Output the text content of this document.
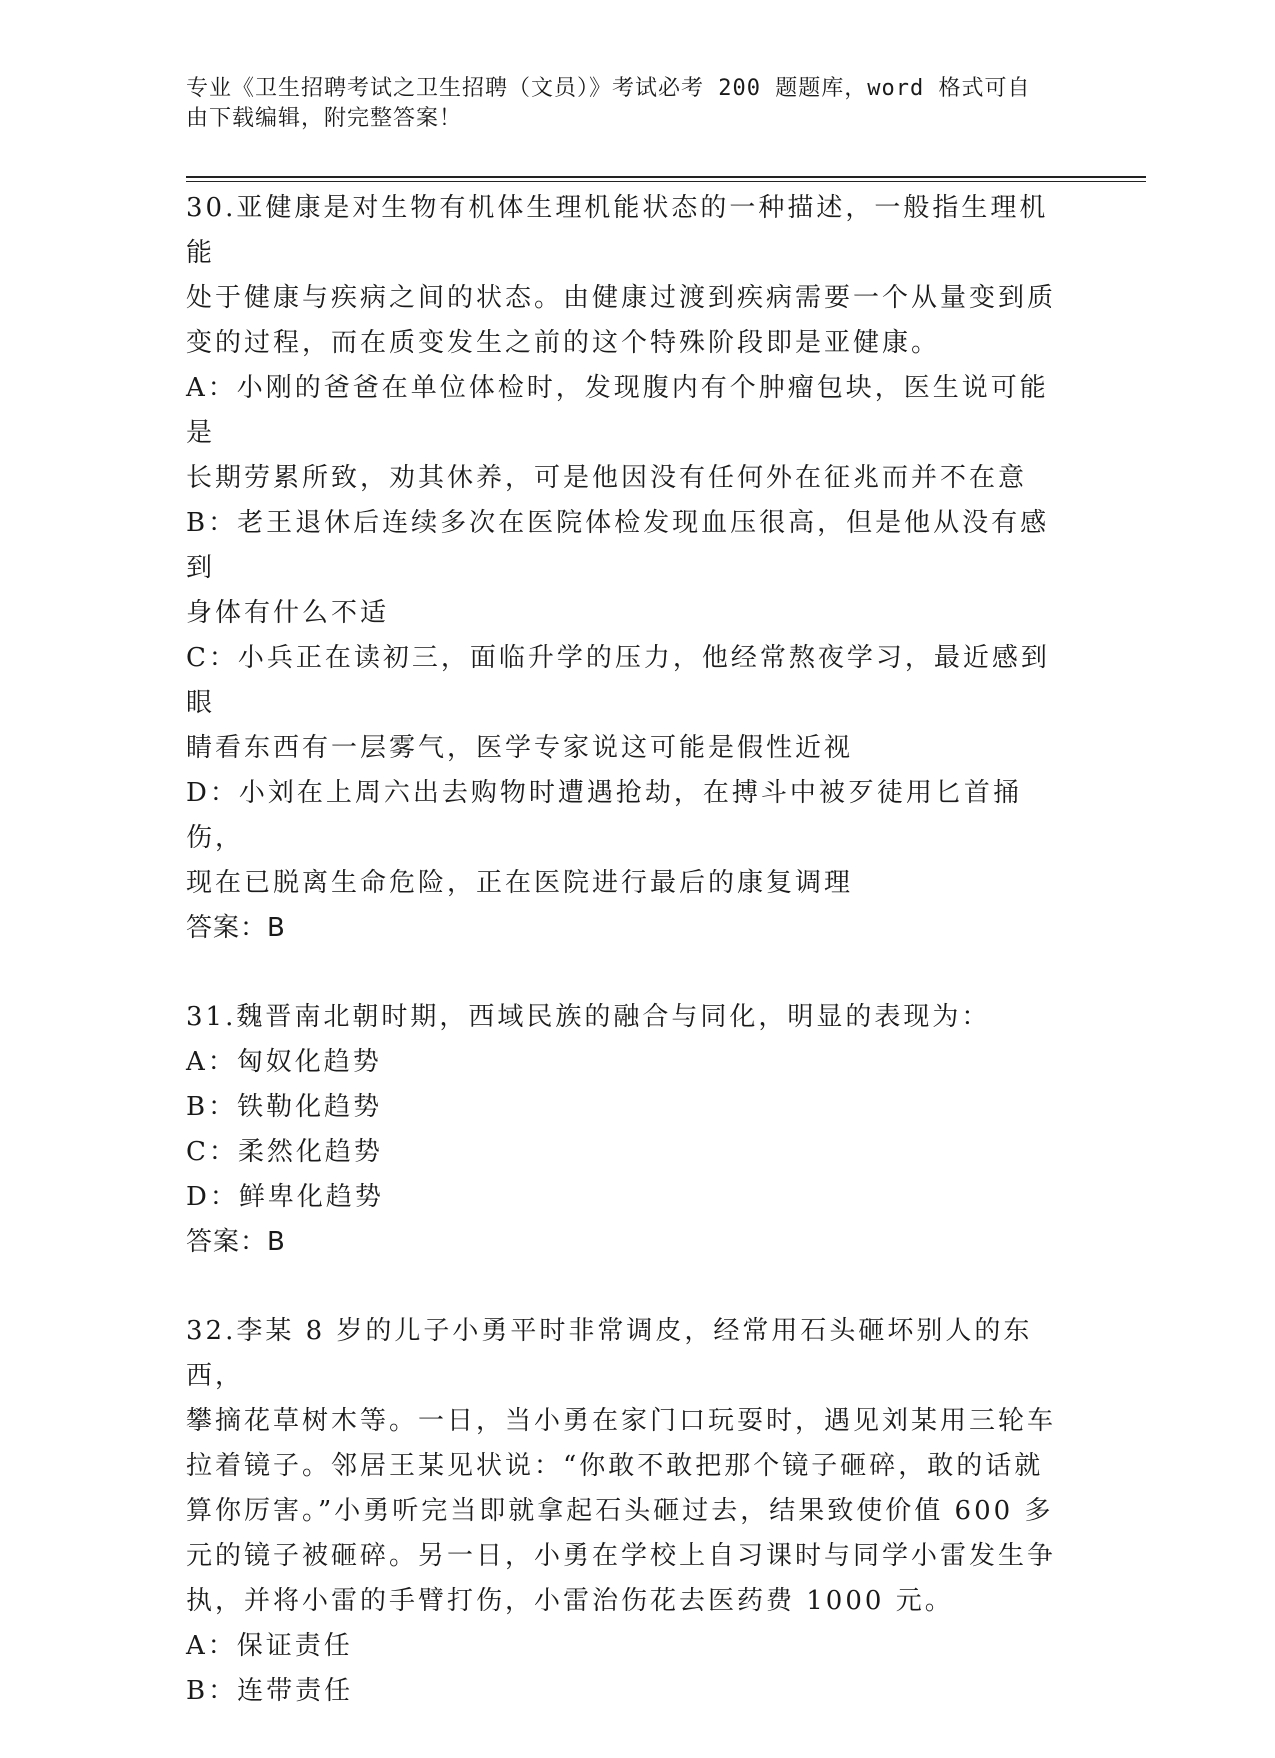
专业《卫生招聘考试之卫生招聘（文员）》考试必考 200 题题库，word 格式可自
由下载编辑，附完整答案！
30.亚健康是对生物有机体生理机能状态的一种描述，一般指生理机能
处于健康与疾病之间的状态。由健康过渡到疾病需要一个从量变到质
变的过程，而在质变发生之前的这个特殊阶段即是亚健康。
A：小刚的爸爸在单位体检时，发现腹内有个肿瘤包块，医生说可能是
长期劳累所致，劝其休养，可是他因没有任何外在征兆而并不在意
B：老王退休后连续多次在医院体检发现血压很高，但是他从没有感到
身体有什么不适
C：小兵正在读初三，面临升学的压力，他经常熬夜学习，最近感到眼
睛看东西有一层雾气，医学专家说这可能是假性近视
D：小刘在上周六出去购物时遭遇抢劫，在搏斗中被歹徒用匕首捅伤，
现在已脱离生命危险，正在医院进行最后的康复调理
答案：B
31.魏晋南北朝时期，西域民族的融合与同化，明显的表现为：
A：匈奴化趋势
B：铁勒化趋势
C：柔然化趋势
D：鲜卑化趋势
答案：B
32.李某 8 岁的儿子小勇平时非常调皮，经常用石头砸坏别人的东西，
攀摘花草树木等。一日，当小勇在家门口玩耍时，遇见刘某用三轮车
拉着镜子。邻居王某见状说：“你敢不敢把那个镜子砸碎，敢的话就
算你厉害。”小勇听完当即就拿起石头砸过去，结果致使价值 600 多
元的镜子被砸碎。另一日，小勇在学校上自习课时与同学小雷发生争
执，并将小雷的手臂打伤，小雷治伤花去医药费 1000 元。
A：保证责任
B：连带责任
